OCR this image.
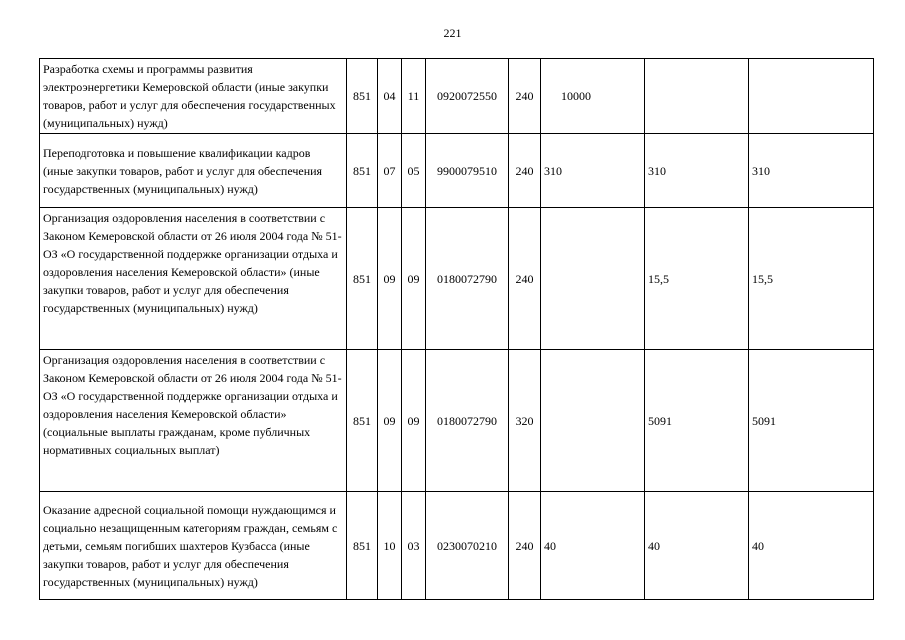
221
Разработка схемы и программы развития электроэнергетики Кемеровской области (иные закупки товаров, работ и услуг для обеспечения государственных (муниципальных) нужд)	851	04	11	0920072550	240	10000		
Переподготовка и повышение квалификации кадров (иные закупки товаров, работ и услуг для обеспечения государственных (муниципальных) нужд)	851	07	05	9900079510	240	310	310	310
Организация оздоровления населения в соответствии с Законом Кемеровской области от 26 июля 2004 года № 51-ОЗ «О государственной поддержке организации отдыха и оздоровления населения Кемеровской области» (иные закупки товаров, работ и услуг для обеспечения государственных (муниципальных) нужд)	851	09	09	0180072790	240		15,5	15,5
Организация оздоровления населения в соответствии с Законом Кемеровской области от 26 июля 2004 года № 51-ОЗ «О государственной поддержке организации отдыха и оздоровления населения Кемеровской области» (социальные выплаты гражданам, кроме публичных нормативных социальных выплат)	851	09	09	0180072790	320		5091	5091
Оказание адресной социальной помощи нуждающимся и социально незащищенным категориям граждан, семьям с детьми, семьям погибших шахтеров Кузбасса (иные закупки товаров, работ и услуг для обеспечения государственных (муниципальных) нужд)	851	10	03	0230070210	240	40	40	40
